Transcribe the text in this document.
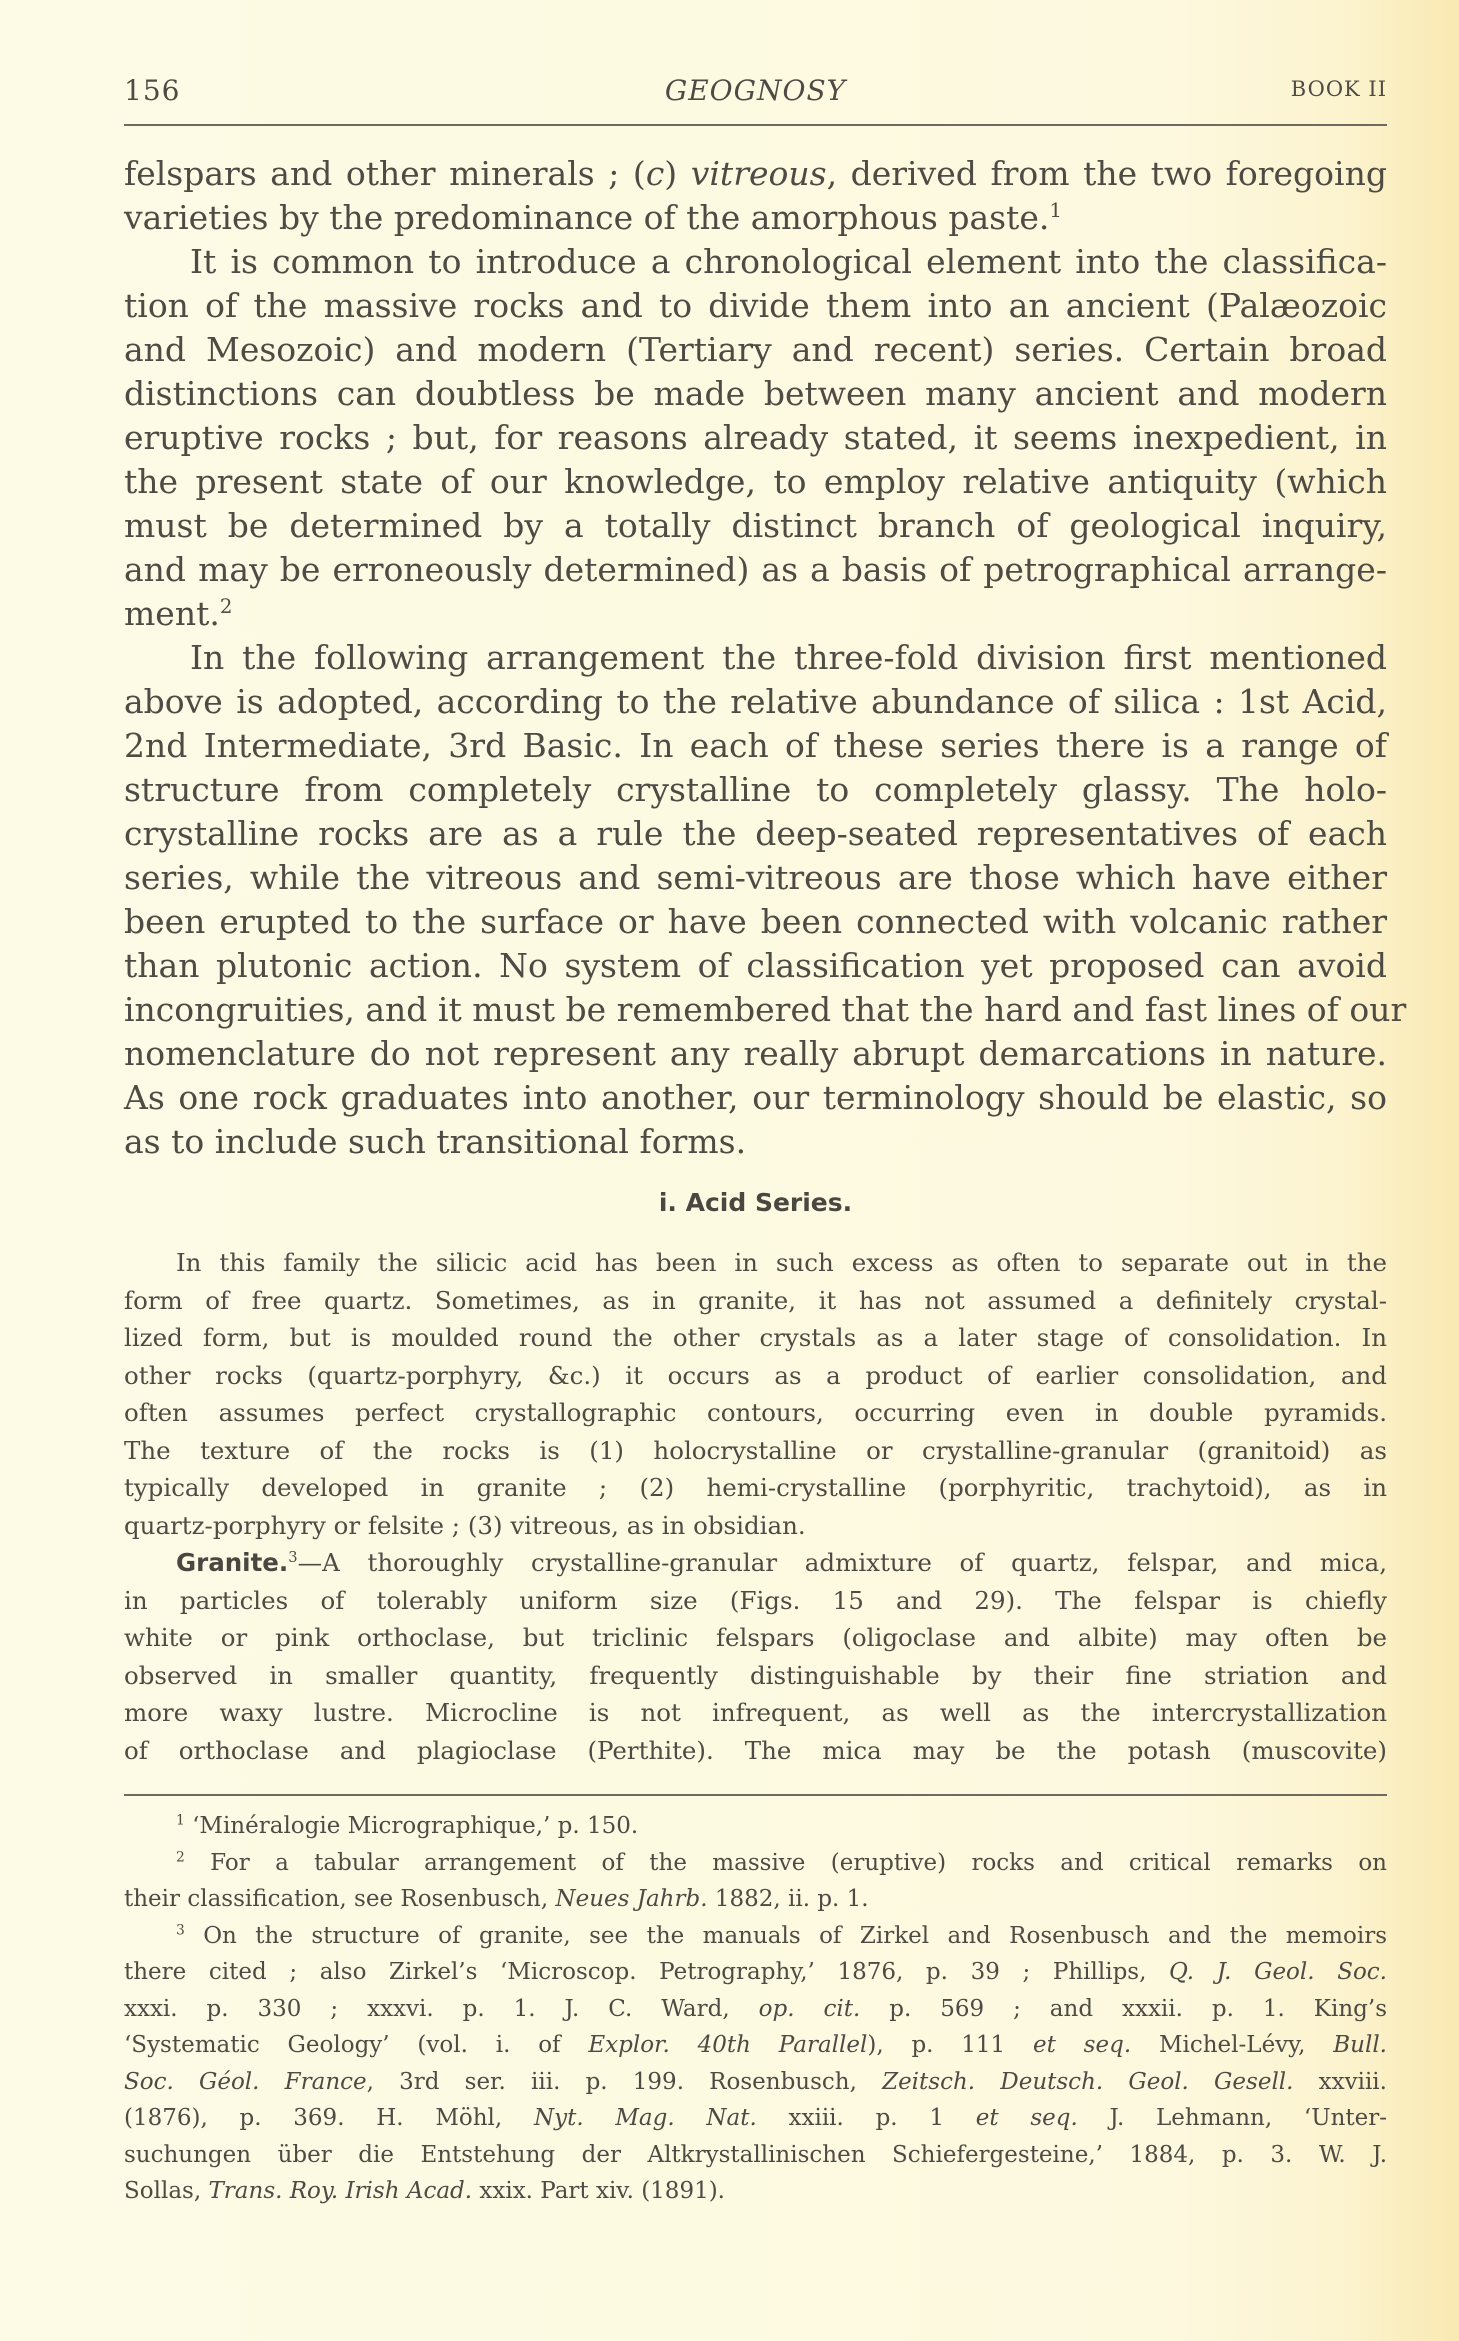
156	GEOGNOSY	BOOK II
felspars and other minerals ; (c) vitreous, derived from the two foregoing
varieties by the predominance of the amorphous paste.$^1$
It is common to introduce a chronological element into the classifica-
tion of the massive rocks and to divide them into an ancient (Palæozoic
and Mesozoic) and modern (Tertiary and recent) series. Certain broad
distinctions can doubtless be made between many ancient and modern
eruptive rocks ; but, for reasons already stated, it seems inexpedient, in
the present state of our knowledge, to employ relative antiquity (which
must be determined by a totally distinct branch of geological inquiry,
and may be erroneously determined) as a basis of petrographical arrange-
ment.$^2$
In the following arrangement the three-fold division first mentioned
above is adopted, according to the relative abundance of silica : 1st Acid,
2nd Intermediate, 3rd Basic. In each of these series there is a range of
structure from completely crystalline to completely glassy. The holo-
crystalline rocks are as a rule the deep-seated representatives of each
series, while the vitreous and semi-vitreous are those which have either
been erupted to the surface or have been connected with volcanic rather
than plutonic action. No system of classification yet proposed can avoid
incongruities, and it must be remembered that the hard and fast lines of our
nomenclature do not represent any really abrupt demarcations in nature.
As one rock graduates into another, our terminology should be elastic, so
as to include such transitional forms.
i. Acid Series.
In this family the silicic acid has been in such excess as often to separate out in the
form of free quartz. Sometimes, as in granite, it has not assumed a definitely crystal-
lized form, but is moulded round the other crystals as a later stage of consolidation. In
other rocks (quartz-porphyry, &c.) it occurs as a product of earlier consolidation, and
often assumes perfect crystallographic contours, occurring even in double pyramids.
The texture of the rocks is (1) holocrystalline or crystalline-granular (granitoid) as
typically developed in granite ; (2) hemi-crystalline (porphyritic, trachytoid), as in
quartz-porphyry or felsite ; (3) vitreous, as in obsidian.
Granite.$^3$—A thoroughly crystalline-granular admixture of quartz, felspar, and mica,
in particles of tolerably uniform size (Figs. 15 and 29). The felspar is chiefly
white or pink orthoclase, but triclinic felspars (oligoclase and albite) may often be
observed in smaller quantity, frequently distinguishable by their fine striation and
more waxy lustre. Microcline is not infrequent, as well as the intercrystallization
of orthoclase and plagioclase (Perthite). The mica may be the potash (muscovite)
$^1$ ‘Minéralogie Micrographique,’ p. 150.
$^2$ For a tabular arrangement of the massive (eruptive) rocks and critical remarks on
their classification, see Rosenbusch, Neues Jahrb. 1882, ii. p. 1.
$^3$ On the structure of granite, see the manuals of Zirkel and Rosenbusch and the memoirs
there cited ; also Zirkel’s ‘Microscop. Petrography,’ 1876, p. 39 ; Phillips, Q. J. Geol. Soc.
xxxi. p. 330 ; xxxvi. p. 1. J. C. Ward, op. cit. p. 569 ; and xxxii. p. 1. King’s
‘Systematic Geology’ (vol. i. of Explor. 40th Parallel), p. 111 et seq. Michel-Lévy, Bull.
Soc. Géol. France, 3rd ser. iii. p. 199. Rosenbusch, Zeitsch. Deutsch. Geol. Gesell. xxviii.
(1876), p. 369. H. Möhl, Nyt. Mag. Nat. xxiii. p. 1 et seq. J. Lehmann, ‘Unter-
suchungen über die Entstehung der Altkrystallinischen Schiefergesteine,’ 1884, p. 3. W. J.
Sollas, Trans. Roy. Irish Acad. xxix. Part xiv. (1891).
